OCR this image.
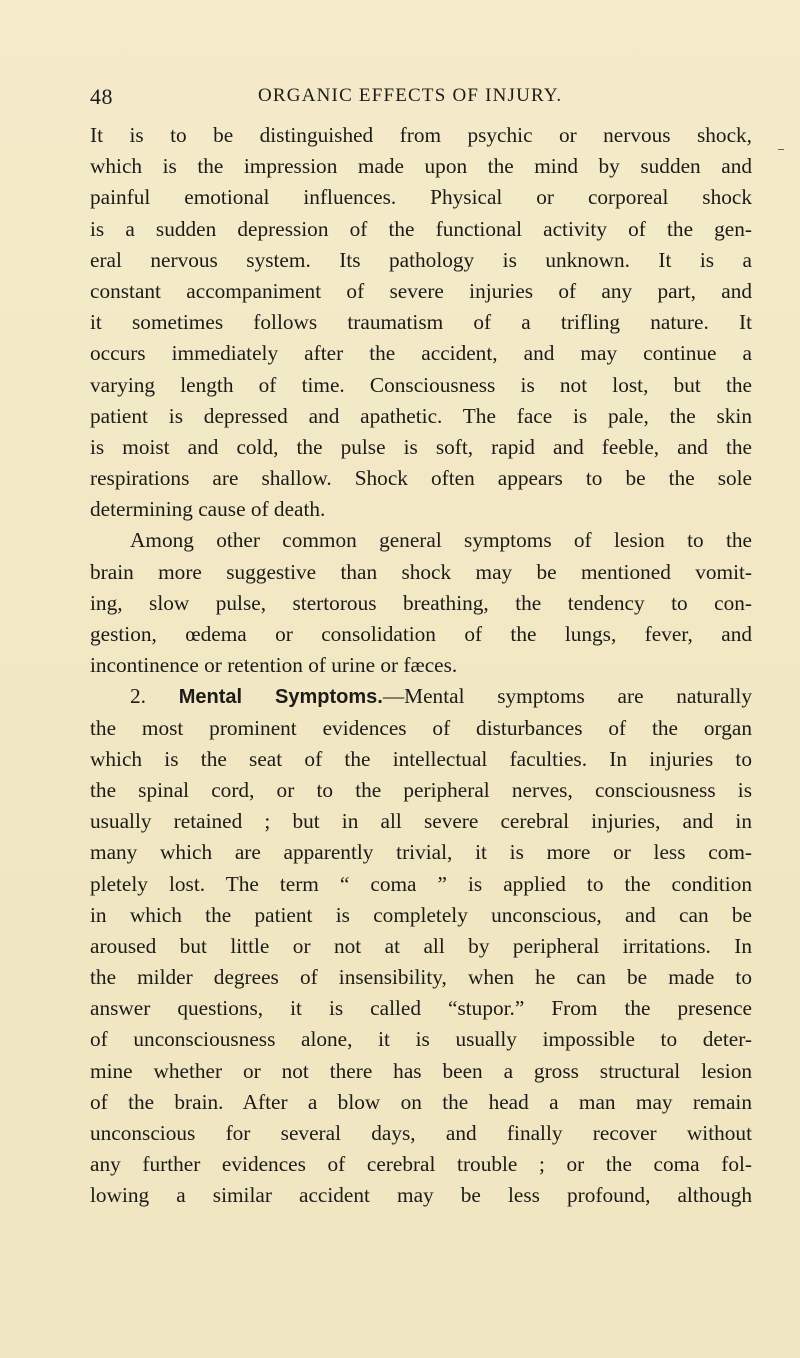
48	ORGANIC EFFECTS OF INJURY.
It is to be distinguished from psychic or nervous shock,
which is the impression made upon the mind by sudden and
painful emotional influences. Physical or corporeal shock
is a sudden depression of the functional activity of the gen-
eral nervous system. Its pathology is unknown. It is a
constant accompaniment of severe injuries of any part, and
it sometimes follows traumatism of a trifling nature. It
occurs immediately after the accident, and may continue a
varying length of time. Consciousness is not lost, but the
patient is depressed and apathetic. The face is pale, the skin
is moist and cold, the pulse is soft, rapid and feeble, and the
respirations are shallow. Shock often appears to be the sole
determining cause of death.
Among other common general symptoms of lesion to the
brain more suggestive than shock may be mentioned vomit-
ing, slow pulse, stertorous breathing, the tendency to con-
gestion, œdema or consolidation of the lungs, fever, and
incontinence or retention of urine or fæces.
2. Mental Symptoms.—Mental symptoms are naturally
the most prominent evidences of disturbances of the organ
which is the seat of the intellectual faculties. In injuries to
the spinal cord, or to the peripheral nerves, consciousness is
usually retained ; but in all severe cerebral injuries, and in
many which are apparently trivial, it is more or less com-
pletely lost. The term “ coma ” is applied to the condition
in which the patient is completely unconscious, and can be
aroused but little or not at all by peripheral irritations. In
the milder degrees of insensibility, when he can be made to
answer questions, it is called “stupor.” From the presence
of unconsciousness alone, it is usually impossible to deter-
mine whether or not there has been a gross structural lesion
of the brain. After a blow on the head a man may remain
unconscious for several days, and finally recover without
any further evidences of cerebral trouble ; or the coma fol-
lowing a similar accident may be less profound, although
